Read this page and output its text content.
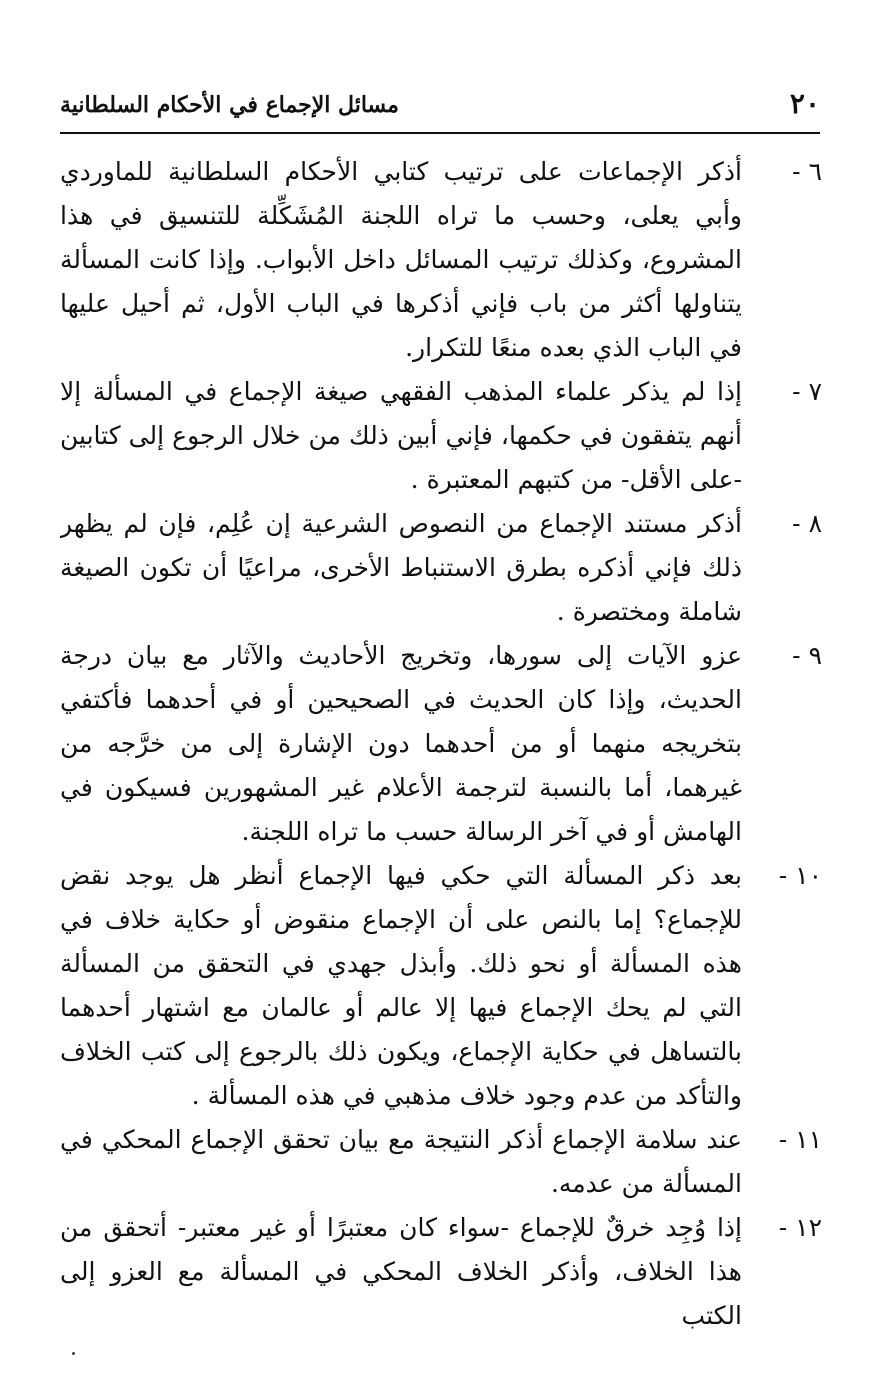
٢٠
مسائل الإجماع في الأحكام السلطانية
٦ -
أذكر الإجماعات على ترتيب كتابي الأحكام السلطانية للماوردي وأبي يعلى، وحسب ما تراه اللجنة المُشَكِّلة للتنسيق في هذا المشروع، وكذلك ترتيب المسائل داخل الأبواب. وإذا كانت المسألة يتناولها أكثر من باب فإني أذكرها في الباب الأول، ثم أحيل عليها في الباب الذي بعده منعًا للتكرار.
٧ -
إذا لم يذكر علماء المذهب الفقهي صيغة الإجماع في المسألة إلا أنهم يتفقون في حكمها، فإني أبين ذلك من خلال الرجوع إلى كتابين -على الأقل- من كتبهم المعتبرة .
٨ -
أذكر مستند الإجماع من النصوص الشرعية إن عُلِم، فإن لم يظهر ذلك فإني أذكره بطرق الاستنباط الأخرى، مراعيًا أن تكون الصيغة شاملة ومختصرة .
٩ -
عزو الآيات إلى سورها، وتخريج الأحاديث والآثار مع بيان درجة الحديث، وإذا كان الحديث في الصحيحين أو في أحدهما فأكتفي بتخريجه منهما أو من أحدهما دون الإشارة إلى من خرَّجه من غيرهما، أما بالنسبة لترجمة الأعلام غير المشهورين فسيكون في الهامش أو في آخر الرسالة حسب ما تراه اللجنة.
١٠ -
بعد ذكر المسألة التي حكي فيها الإجماع أنظر هل يوجد نقض للإجماع؟ إما بالنص على أن الإجماع منقوض أو حكاية خلاف في هذه المسألة أو نحو ذلك. وأبذل جهدي في التحقق من المسألة التي لم يحك الإجماع فيها إلا عالم أو عالمان مع اشتهار أحدهما بالتساهل في حكاية الإجماع، ويكون ذلك بالرجوع إلى كتب الخلاف والتأكد من عدم وجود خلاف مذهبي في هذه المسألة .
١١ -
عند سلامة الإجماع أذكر النتيجة مع بيان تحقق الإجماع المحكي في المسألة من عدمه.
١٢ -
إذا وُجِد خرقٌ للإجماع -سواء كان معتبرًا أو غير معتبر- أتحقق من هذا الخلاف، وأذكر الخلاف المحكي في المسألة مع العزو إلى الكتب
